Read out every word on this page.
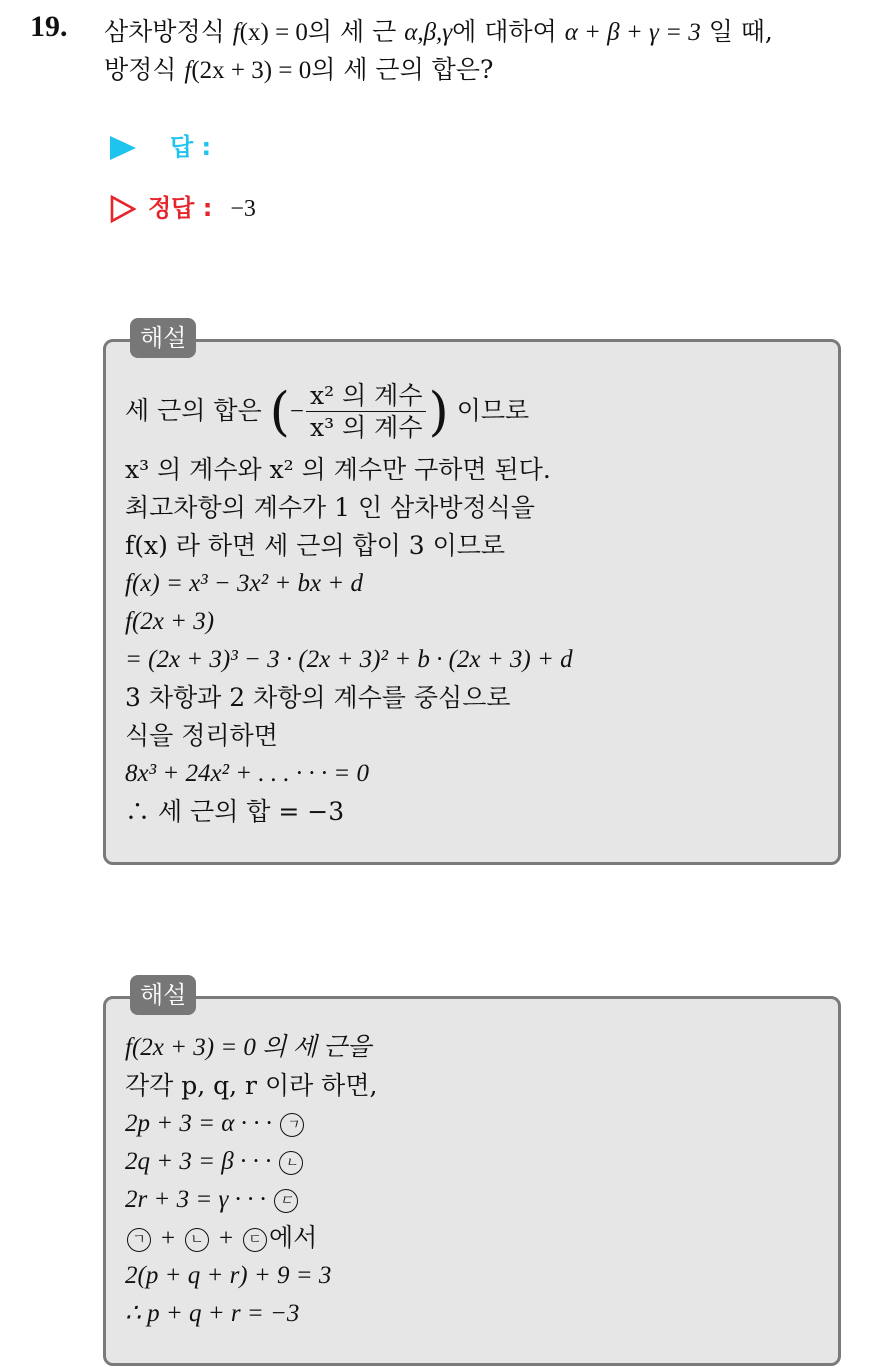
19. 삼차방정식 f(x) = 0의 세 근 α,β,γ에 대하여 α + β + γ = 3 일 때,
방정식 f(2x + 3) = 0의 세 근의 합은?
답 :
정답 : −3
해설
세 근의 합은 (− $\frac{\text{x² 의 계수}}{\text{x³ 의 계수}}$ ) 이므로
x³ 의 계수와 x² 의 계수만 구하면 된다.
최고차항의 계수가 1 인 삼차방정식을
f(x) 라 하면 세 근의 합이 3 이므로
f(x) = x³ − 3x² + bx + d
f(2x + 3)
= (2x + 3)³ − 3 · (2x + 3)² + b · (2x + 3) + d
3 차항과 2 차항의 계수를 중심으로
식을 정리하면
8x³ + 24x² + . . . · · · = 0
∴ 세 근의 합 = −3
해설
f(2x + 3) = 0 의 세 근을
각각 p, q, r 이라 하면,
2p + 3 = α · · · ㄱ
2q + 3 = β · · · ㄴ
2r + 3 = γ · · · ㄷ
ㄱ + ㄴ + ㄷ 에서
2(p + q + r) + 9 = 3
∴ p + q + r = −3
